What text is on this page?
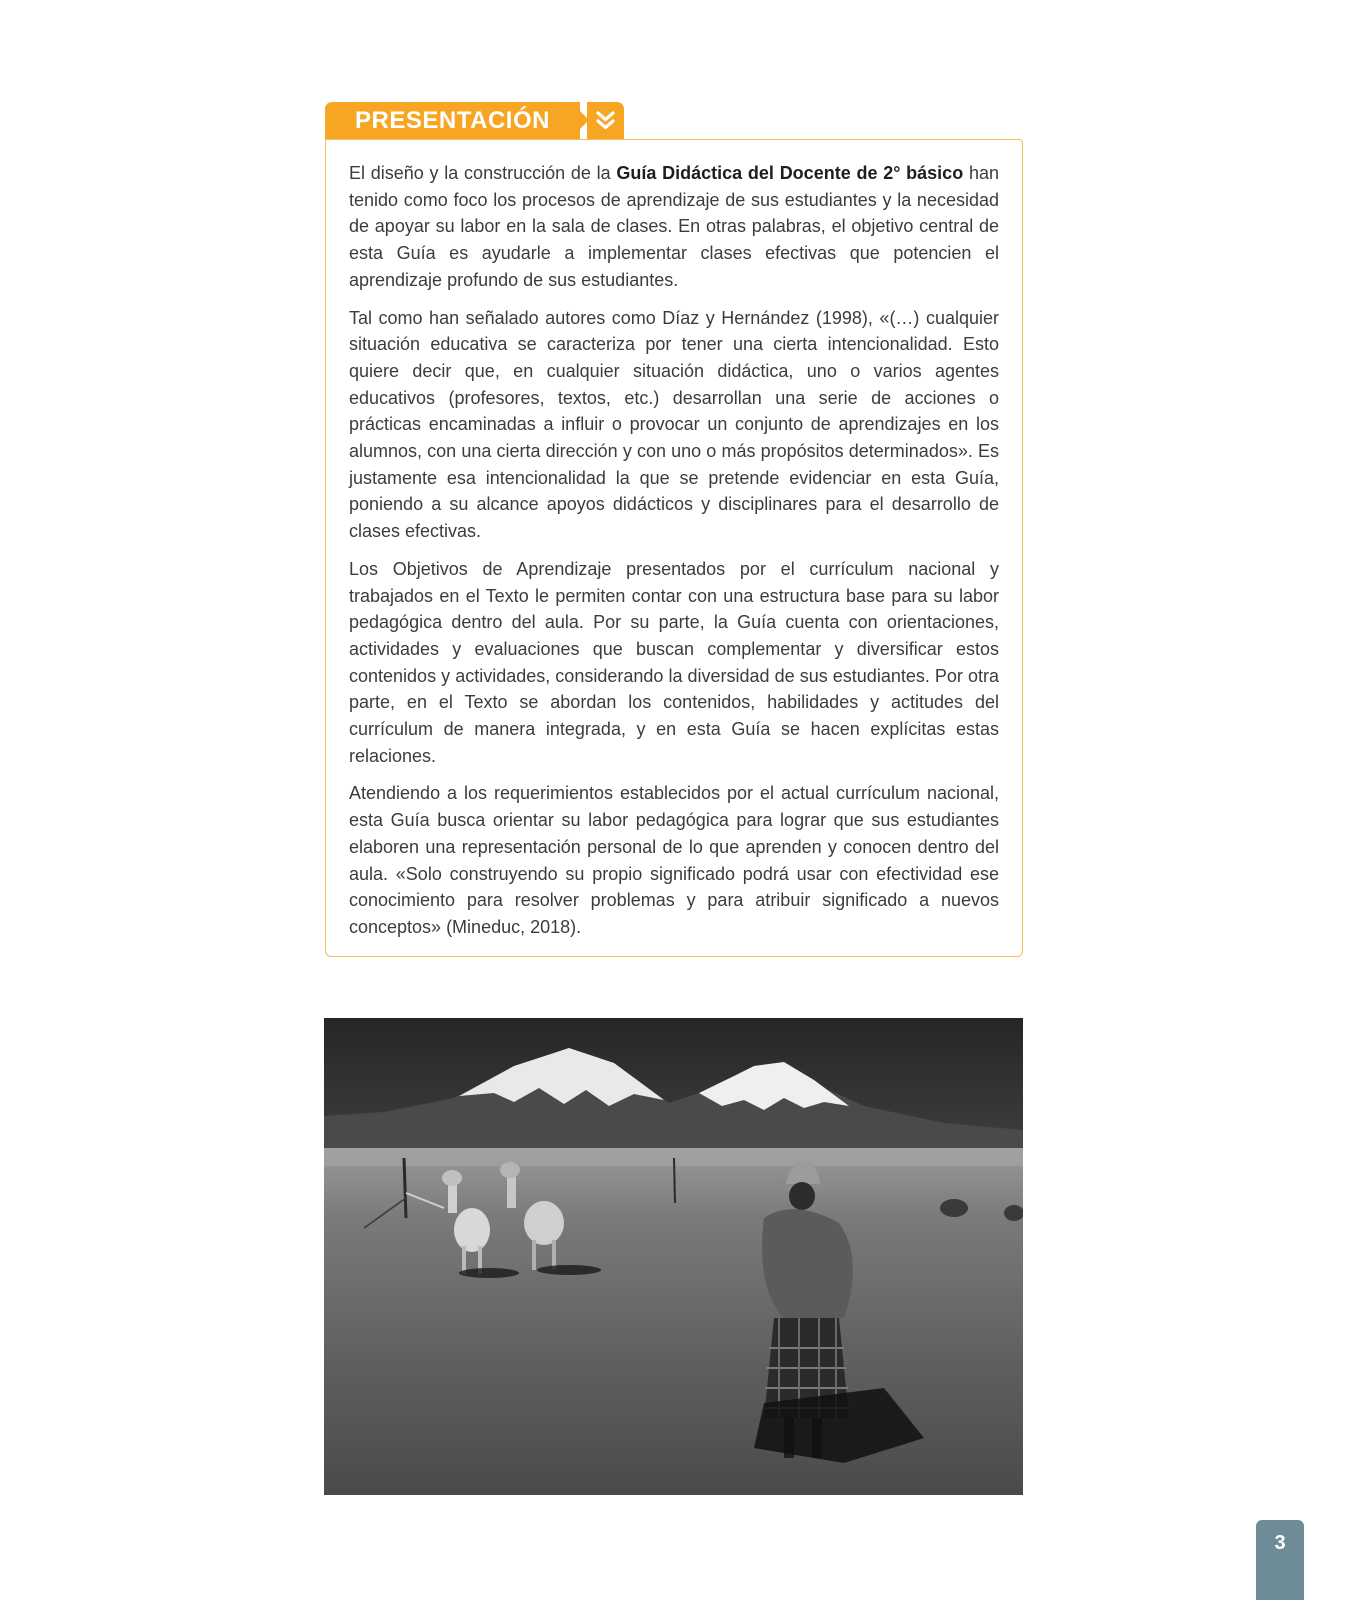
PRESENTACIÓN

El diseño y la construcción de la Guía Didáctica del Docente de 2° básico han tenido como foco los procesos de aprendizaje de sus estudiantes y la necesidad de apoyar su labor en la sala de clases. En otras palabras, el objetivo central de esta Guía es ayudarle a implementar clases efectivas que potencien el aprendizaje profundo de sus estudiantes.

Tal como han señalado autores como Díaz y Hernández (1998), «(…) cualquier situación educativa se caracteriza por tener una cierta intencionalidad. Esto quiere decir que, en cualquier situación didáctica, uno o varios agentes educativos (profesores, textos, etc.) desarrollan una serie de acciones o prácticas encaminadas a influir o provocar un conjunto de aprendizajes en los alumnos, con una cierta dirección y con uno o más propósitos determinados». Es justamente esa intencionalidad la que se pretende evidenciar en esta Guía, poniendo a su alcance apoyos didácticos y disciplinares para el desarrollo de clases efectivas.

Los Objetivos de Aprendizaje presentados por el currículum nacional y trabajados en el Texto le permiten contar con una estructura base para su labor pedagógica dentro del aula. Por su parte, la Guía cuenta con orientaciones, actividades y evaluaciones que buscan complementar y diversificar estos contenidos y actividades, considerando la diversidad de sus estudiantes. Por otra parte, en el Texto se abordan los contenidos, habilidades y actitudes del currículum de manera integrada, y en esta Guía se hacen explícitas estas relaciones.

Atendiendo a los requerimientos establecidos por el actual currículum nacional, esta Guía busca orientar su labor pedagógica para lograr que sus estudiantes elaboren una representación personal de lo que aprenden y conocen dentro del aula. «Solo construyendo su propio significado podrá usar con efectividad ese conocimiento para resolver problemas y para atribuir significado a nuevos conceptos» (Mineduc, 2018).

3
